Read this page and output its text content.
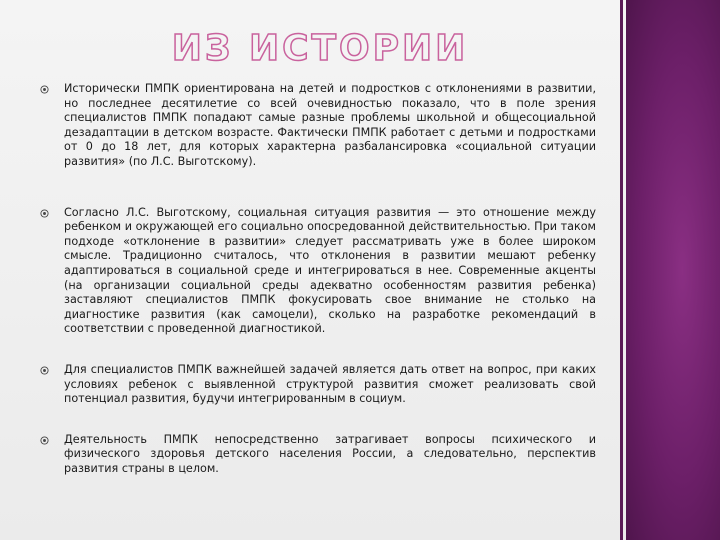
ИЗ ИСТОРИИ
Исторически ПМПК ориентирована на детей и подростков с отклонениями в развитии, но последнее десятилетие со всей очевидностью показало, что в поле зрения специалистов ПМПК попадают самые разные проблемы школьной и общесоциальной дезадаптации в детском возрасте. Фактически ПМПК работает с детьми и подростками от 0 до 18 лет, для которых характерна разбалансировка «социальной ситуации развития» (по Л.С. Выготскому).
Согласно Л.С. Выготскому, социальная ситуация развития — это отношение между ребенком и окружающей его социально опосредованной действительностью. При таком подходе «отклонение в развитии» следует рассматривать уже в более широком смысле. Традиционно считалось, что отклонения в развитии мешают ребенку адаптироваться в социальной среде и интегрироваться в нее. Современные акценты (на организации социальной среды адекватно особенностям развития ребенка) заставляют специалистов ПМПК фокусировать свое внимание не столько на диагностике развития (как самоцели), сколько на разработке рекомендаций в соответствии с проведенной диагностикой.
Для специалистов ПМПК важнейшей задачей является дать ответ на вопрос, при каких условиях ребенок с выявленной структурой развития сможет реализовать свой потенциал развития, будучи интегрированным в социум.
Деятельность ПМПК непосредственно затрагивает вопросы психического и физического здоровья детского населения России, а следовательно, перспектив развития страны в целом.
